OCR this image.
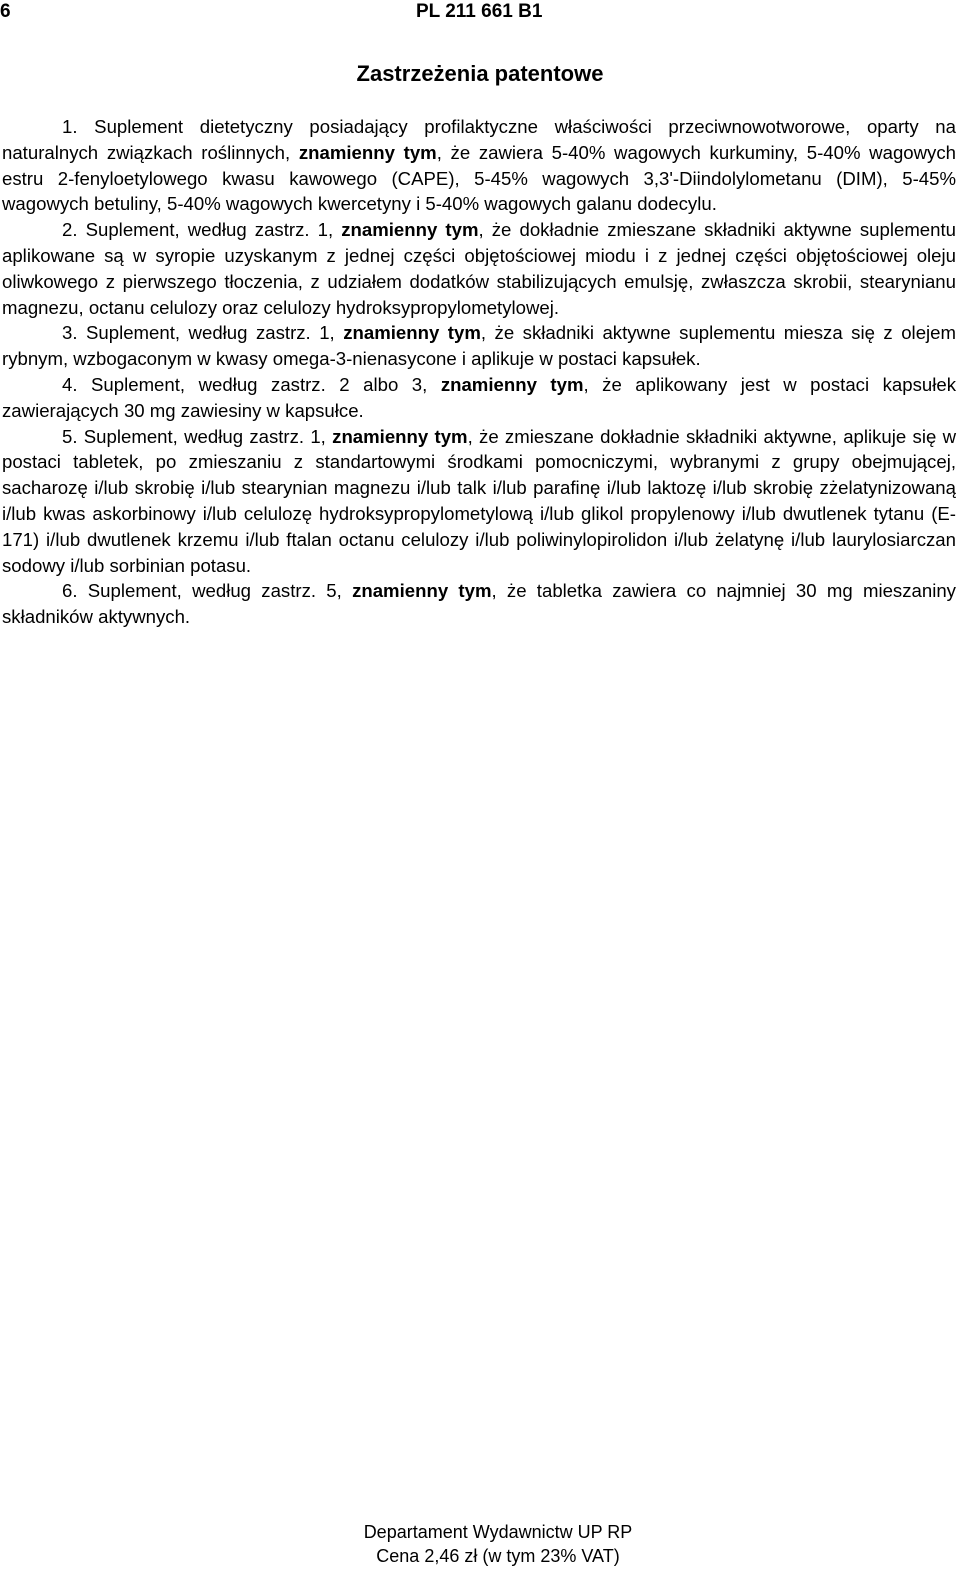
6	PL 211 661 B1
Zastrzeżenia patentowe

1. Suplement dietetyczny posiadający profilaktyczne właściwości przeciwnowotworowe, oparty na naturalnych związkach roślinnych, znamienny tym, że zawiera 5-40% wagowych kurkuminy, 5-40% wagowych estru 2-fenyloetylowego kwasu kawowego (CAPE), 5-45% wagowych 3,3'-Diindolylometanu (DIM), 5-45% wagowych betuliny, 5-40% wagowych kwercetyny i 5-40% wagowych galanu dodecylu.

2. Suplement, według zastrz. 1, znamienny tym, że dokładnie zmieszane składniki aktywne suplementu aplikowane są w syropie uzyskanym z jednej części objętościowej miodu i z jednej części objętościowej oleju oliwkowego z pierwszego tłoczenia, z udziałem dodatków stabilizujących emulsję, zwłaszcza skrobii, stearynianu magnezu, octanu celulozy oraz celulozy hydroksypropylometylowej.

3. Suplement, według zastrz. 1, znamienny tym, że składniki aktywne suplementu miesza się z olejem rybnym, wzbogaconym w kwasy omega-3-nienasycone i aplikuje w postaci kapsułek.

4. Suplement, według zastrz. 2 albo 3, znamienny tym, że aplikowany jest w postaci kapsułek zawierających 30 mg zawiesiny w kapsułce.

5. Suplement, według zastrz. 1, znamienny tym, że zmieszane dokładnie składniki aktywne, aplikuje się w postaci tabletek, po zmieszaniu z standartowymi środkami pomocniczymi, wybranymi z grupy obejmującej, sacharozę i/lub skrobię i/lub stearynian magnezu i/lub talk i/lub parafinę i/lub laktozę i/lub skrobię zżelatynizowaną i/lub kwas askorbinowy i/lub celulozę hydroksypropylometylową i/lub glikol propylenowy i/lub dwutlenek tytanu (E-171) i/lub dwutlenek krzemu i/lub ftalan octanu celulozy i/lub poliwinylopirolidon i/lub żelatynę i/lub laurylosiarczan sodowy i/lub sorbinian potasu.

6. Suplement, według zastrz. 5, znamienny tym, że tabletka zawiera co najmniej 30 mg mieszaniny składników aktywnych.

Departament Wydawnictw UP RP
Cena 2,46 zł (w tym 23% VAT)
